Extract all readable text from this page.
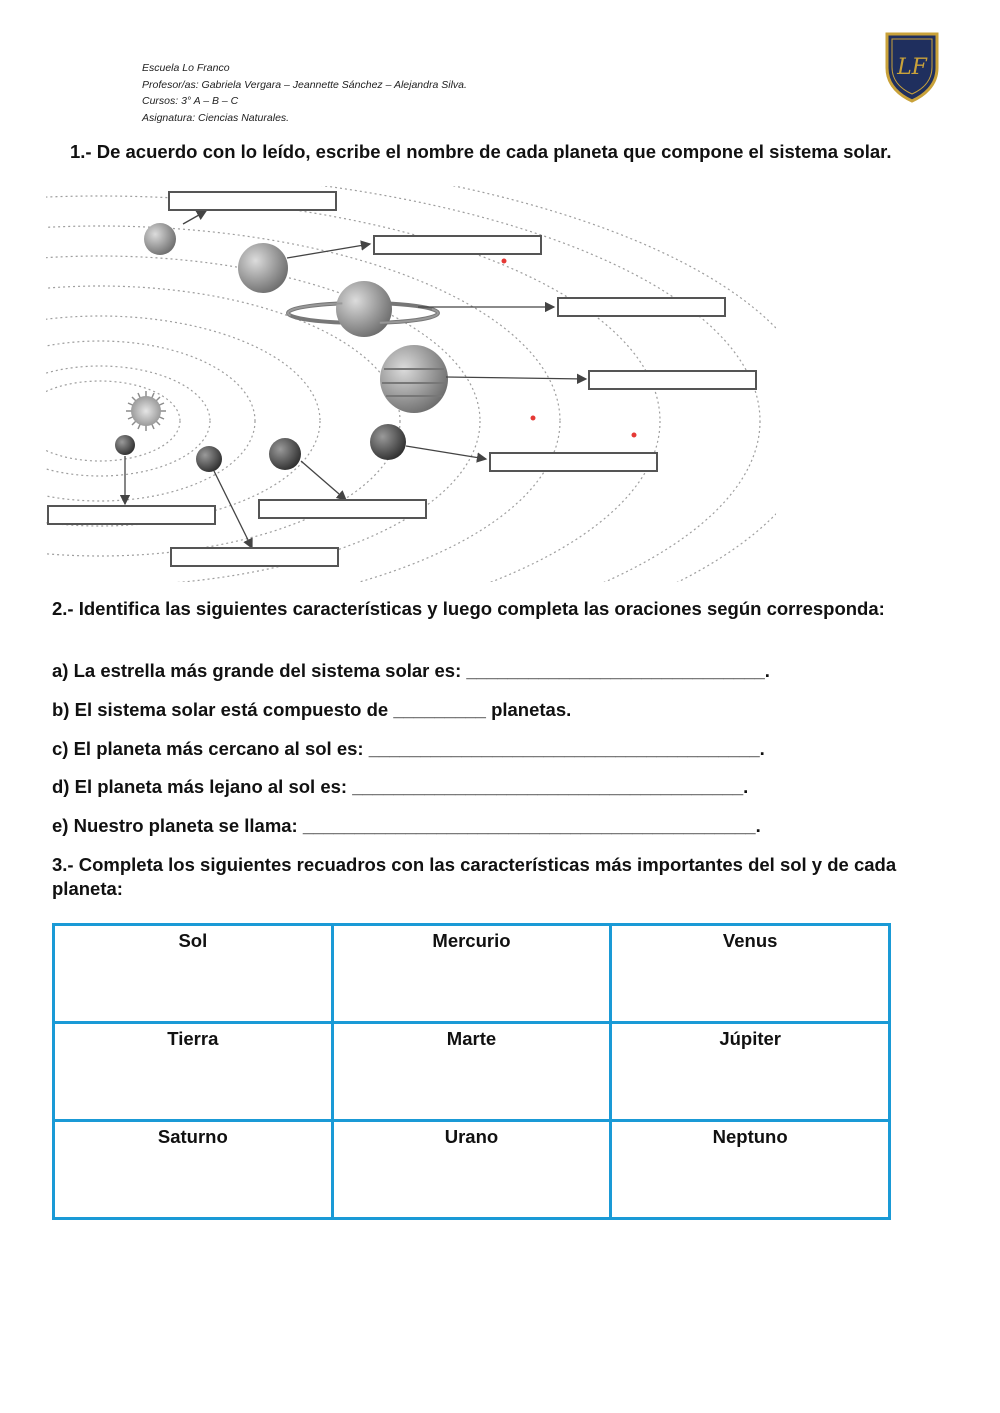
Escuela Lo Franco
Profesor/as: Gabriela Vergara – Jeannette Sánchez – Alejandra Silva.
Cursos: 3° A – B – C
Asignatura: Ciencias Naturales.
LF
1.- De acuerdo con lo leído, escribe el nombre de cada planeta que compone el sistema solar.
2.- Identifica las siguientes características y luego completa las oraciones según corresponda:
a) La estrella más grande del sistema solar es: _____________________________.
b) El sistema solar está compuesto de _________ planetas.
c) El planeta más cercano al sol es: ______________________________________.
d) El planeta más lejano al sol es: ______________________________________.
e) Nuestro planeta se llama: ____________________________________________.
3.- Completa los siguientes recuadros con las características más importantes del sol y de cada planeta:
Sol	Mercurio	Venus
Tierra	Marte	Júpiter
Saturno	Urano	Neptuno
